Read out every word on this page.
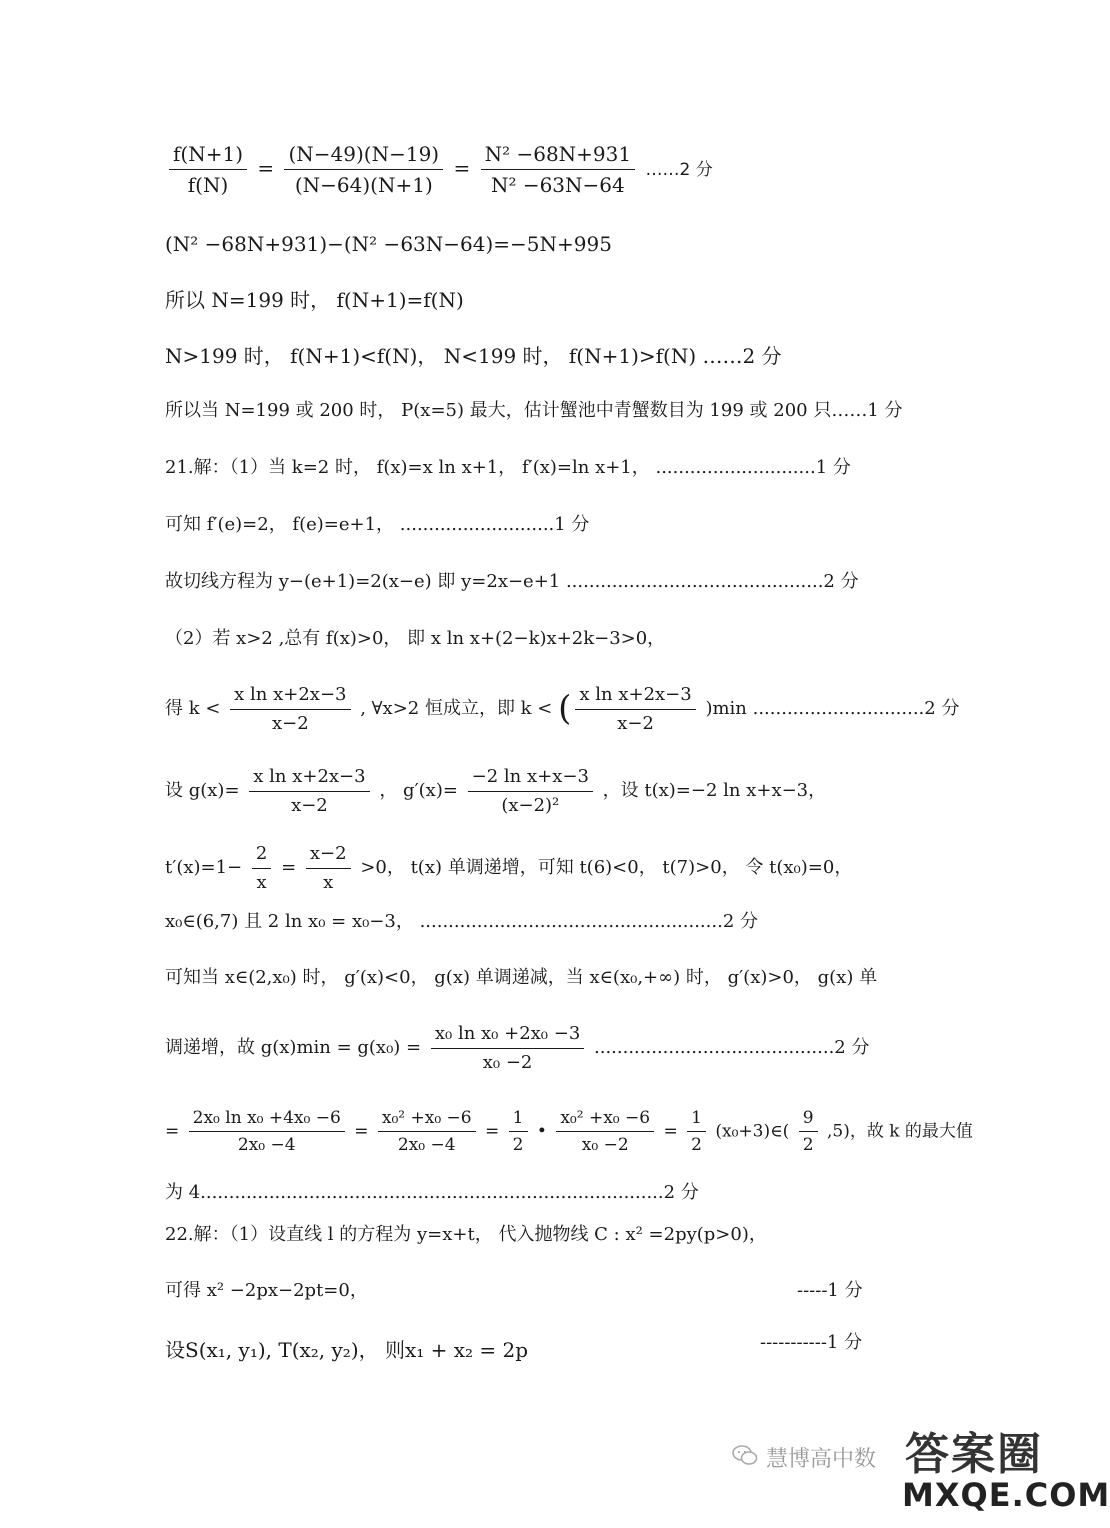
$\frac{f(N+1)}{f(N)} = \frac{(N-49)(N-19)}{(N-64)(N+1)} = \frac{\text{N² −68N+931}}{\text{N² −63N−64}}$ ……2 分
(N² −68N+931)−(N² −63N−64)=−5N+995
所以 N=199 时， f(N+1)=f(N)
N>199 时， f(N+1)<f(N)， N<199 时， f(N+1)>f(N) ……2 分
所以当 N=199 或 200 时， P(x=5) 最大，估计蟹池中青蟹数目为 199 或 200 只……1 分
21.解：（1）当 k=2 时， f(x)=x ln x+1， f′(x)=ln x+1， ............................1 分
可知 f′(e)=2， f(e)=e+1， ...........................1 分
故切线方程为 y−(e+1)=2(x−e) 即 y=2x−e+1 .............................................2 分
（2）若 x>2 ,总有 f(x)>0， 即 x ln x+(2−k)x+2k−3>0，
得 $k < \frac{\text{x ln x+2x−3}}{x-2}$ , ∀x>2 恒成立，即 k < ( $\frac{\text{x ln x+2x−3}}{x-2} )\min$ ..............................2 分
设 $g(x)= \frac{\text{x ln x+2x−3}}{x-2}$ ， $g'(x)= \frac{\text{−2 ln x+x−3}}{\text{(x−2)²}}$ ，设 t(x)=−2 ln x+x−3，
$t'(x)=1- \frac{2}{x} = \frac{x-2}{x} >0$， t(x) 单调递增，可知 t(6)<0， t(7)>0， 令 t(x₀)=0，
x₀∈(6,7) 且 2 ln x₀ = x₀−3， .....................................................2 分
可知当 x∈(2,x₀) 时， g′(x)<0， g(x) 单调递减，当 x∈(x₀,+∞) 时， g′(x)>0， g(x) 单
调递增，故 $g(x)\min = g(x_0) = \frac{\text{x₀ ln x₀ +2x₀ −3}}{\text{x₀ −2}} ..........................................2$ 分
= $\frac{\text{2x₀ ln x₀ +4x₀ −6}}{\text{2x₀ −4}} = \frac{\text{x₀² +x₀ −6}}{\text{2x₀ −4}} = \frac{1}{2}$ • $\frac{\text{x₀² +x₀ −6}}{\text{x₀ −2}} = \frac{1}{2}$ (x₀+3)∈( $\frac{9}{2} ,5$)，故 k 的最大值
为 4.................................................................................2 分
22.解：（1）设直线 l 的方程为 y=x+t， 代入抛物线 C : x² =2py(p>0)，
可得 x² −2px−2pt=0，	-----1 分
设S(x₁, y₁), T(x₂, y₂)， 则x₁ + x₂ = 2p	-----------1 分
慧博高中数 答案圈
MXQE.COM
